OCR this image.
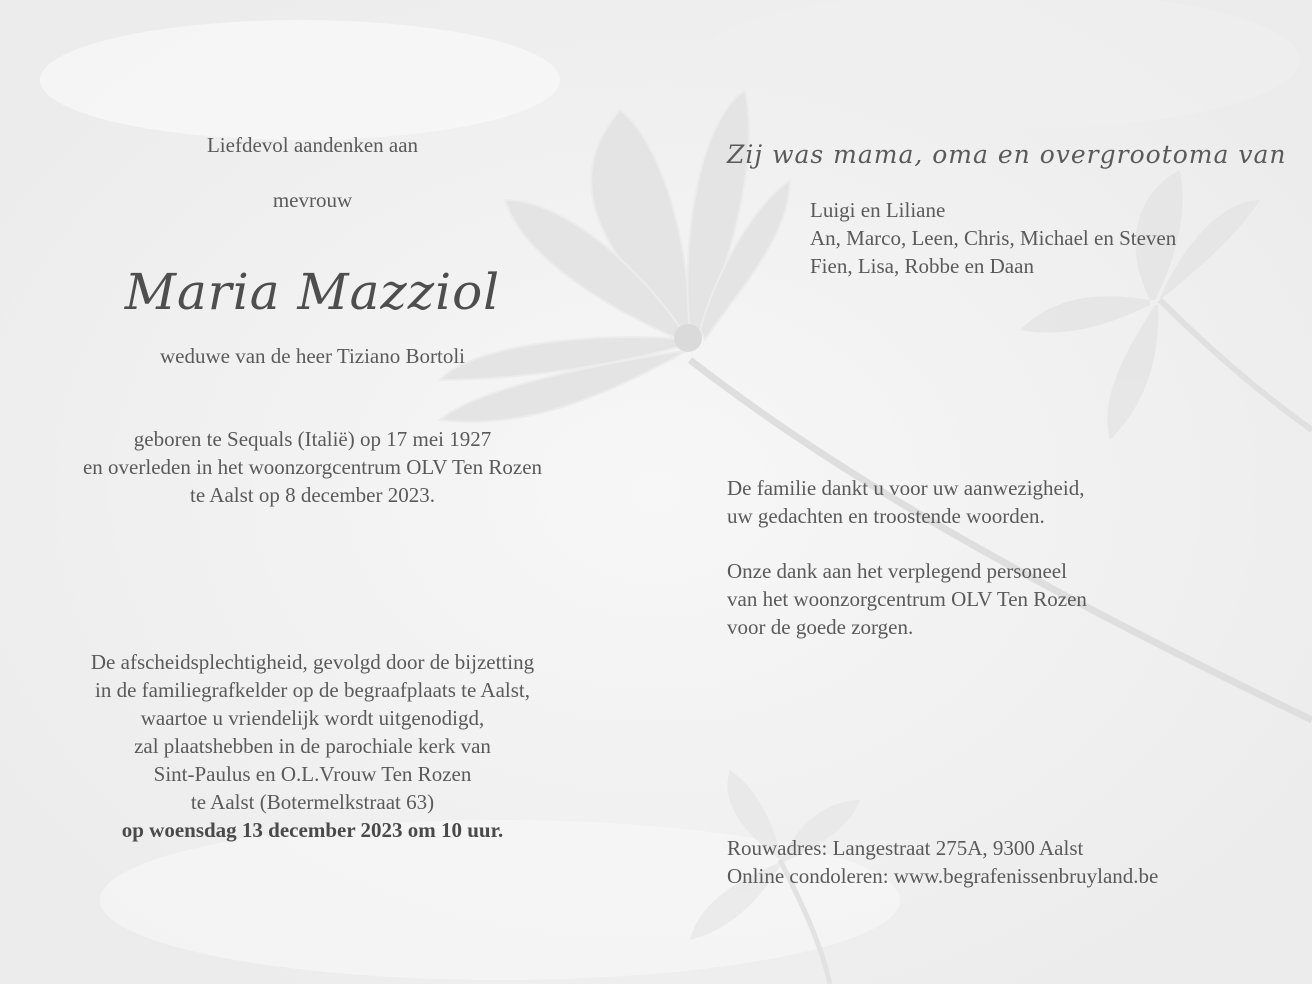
Liefdevol aandenken aan
mevrouw
Maria Mazziol
weduwe van de heer Tiziano Bortoli
geboren te Sequals (Italië) op 17 mei 1927
en overleden in het woonzorgcentrum OLV Ten Rozen
te Aalst op 8 december 2023.
De afscheidsplechtigheid, gevolgd door de bijzetting
in de familiegrafkelder op de begraafplaats te Aalst,
waartoe u vriendelijk wordt uitgenodigd,
zal plaatshebben in de parochiale kerk van
Sint-Paulus en O.L.Vrouw Ten Rozen
te Aalst (Botermelkstraat 63)
op woensdag 13 december 2023 om 10 uur.
Zij was mama, oma en overgrootoma van
Luigi en Liliane
An, Marco, Leen, Chris, Michael en Steven
Fien, Lisa, Robbe en Daan
De familie dankt u voor uw aanwezigheid,
uw gedachten en troostende woorden.
Onze dank aan het verplegend personeel
van het woonzorgcentrum OLV Ten Rozen
voor de goede zorgen.
Rouwadres: Langestraat 275A, 9300 Aalst
Online condoleren: www.begrafenissenbruyland.be
